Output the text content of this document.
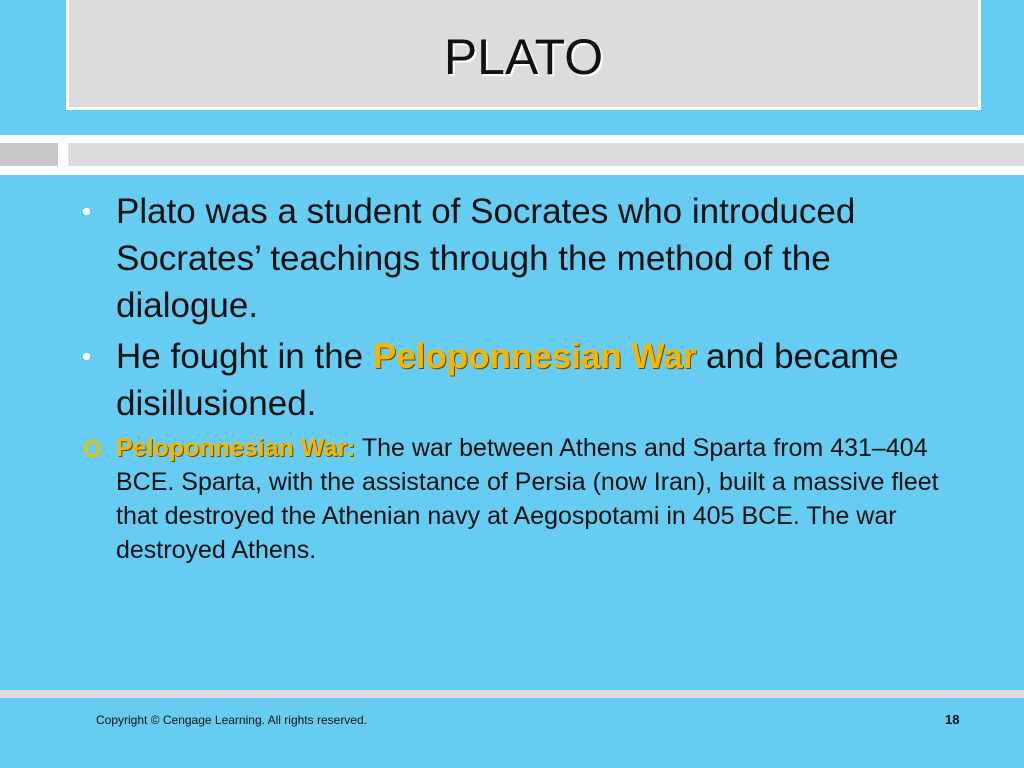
PLATO
• Plato was a student of Socrates who introduced Socrates’ teachings through the method of the dialogue.
• He fought in the Peloponnesian War and became disillusioned.
Peloponnesian War: The war between Athens and Sparta from 431–404 BCE. Sparta, with the assistance of Persia (now Iran), built a massive fleet that destroyed the Athenian navy at Aegospotami in 405 BCE. The war destroyed Athens.
Copyright © Cengage Learning. All rights reserved.	18
